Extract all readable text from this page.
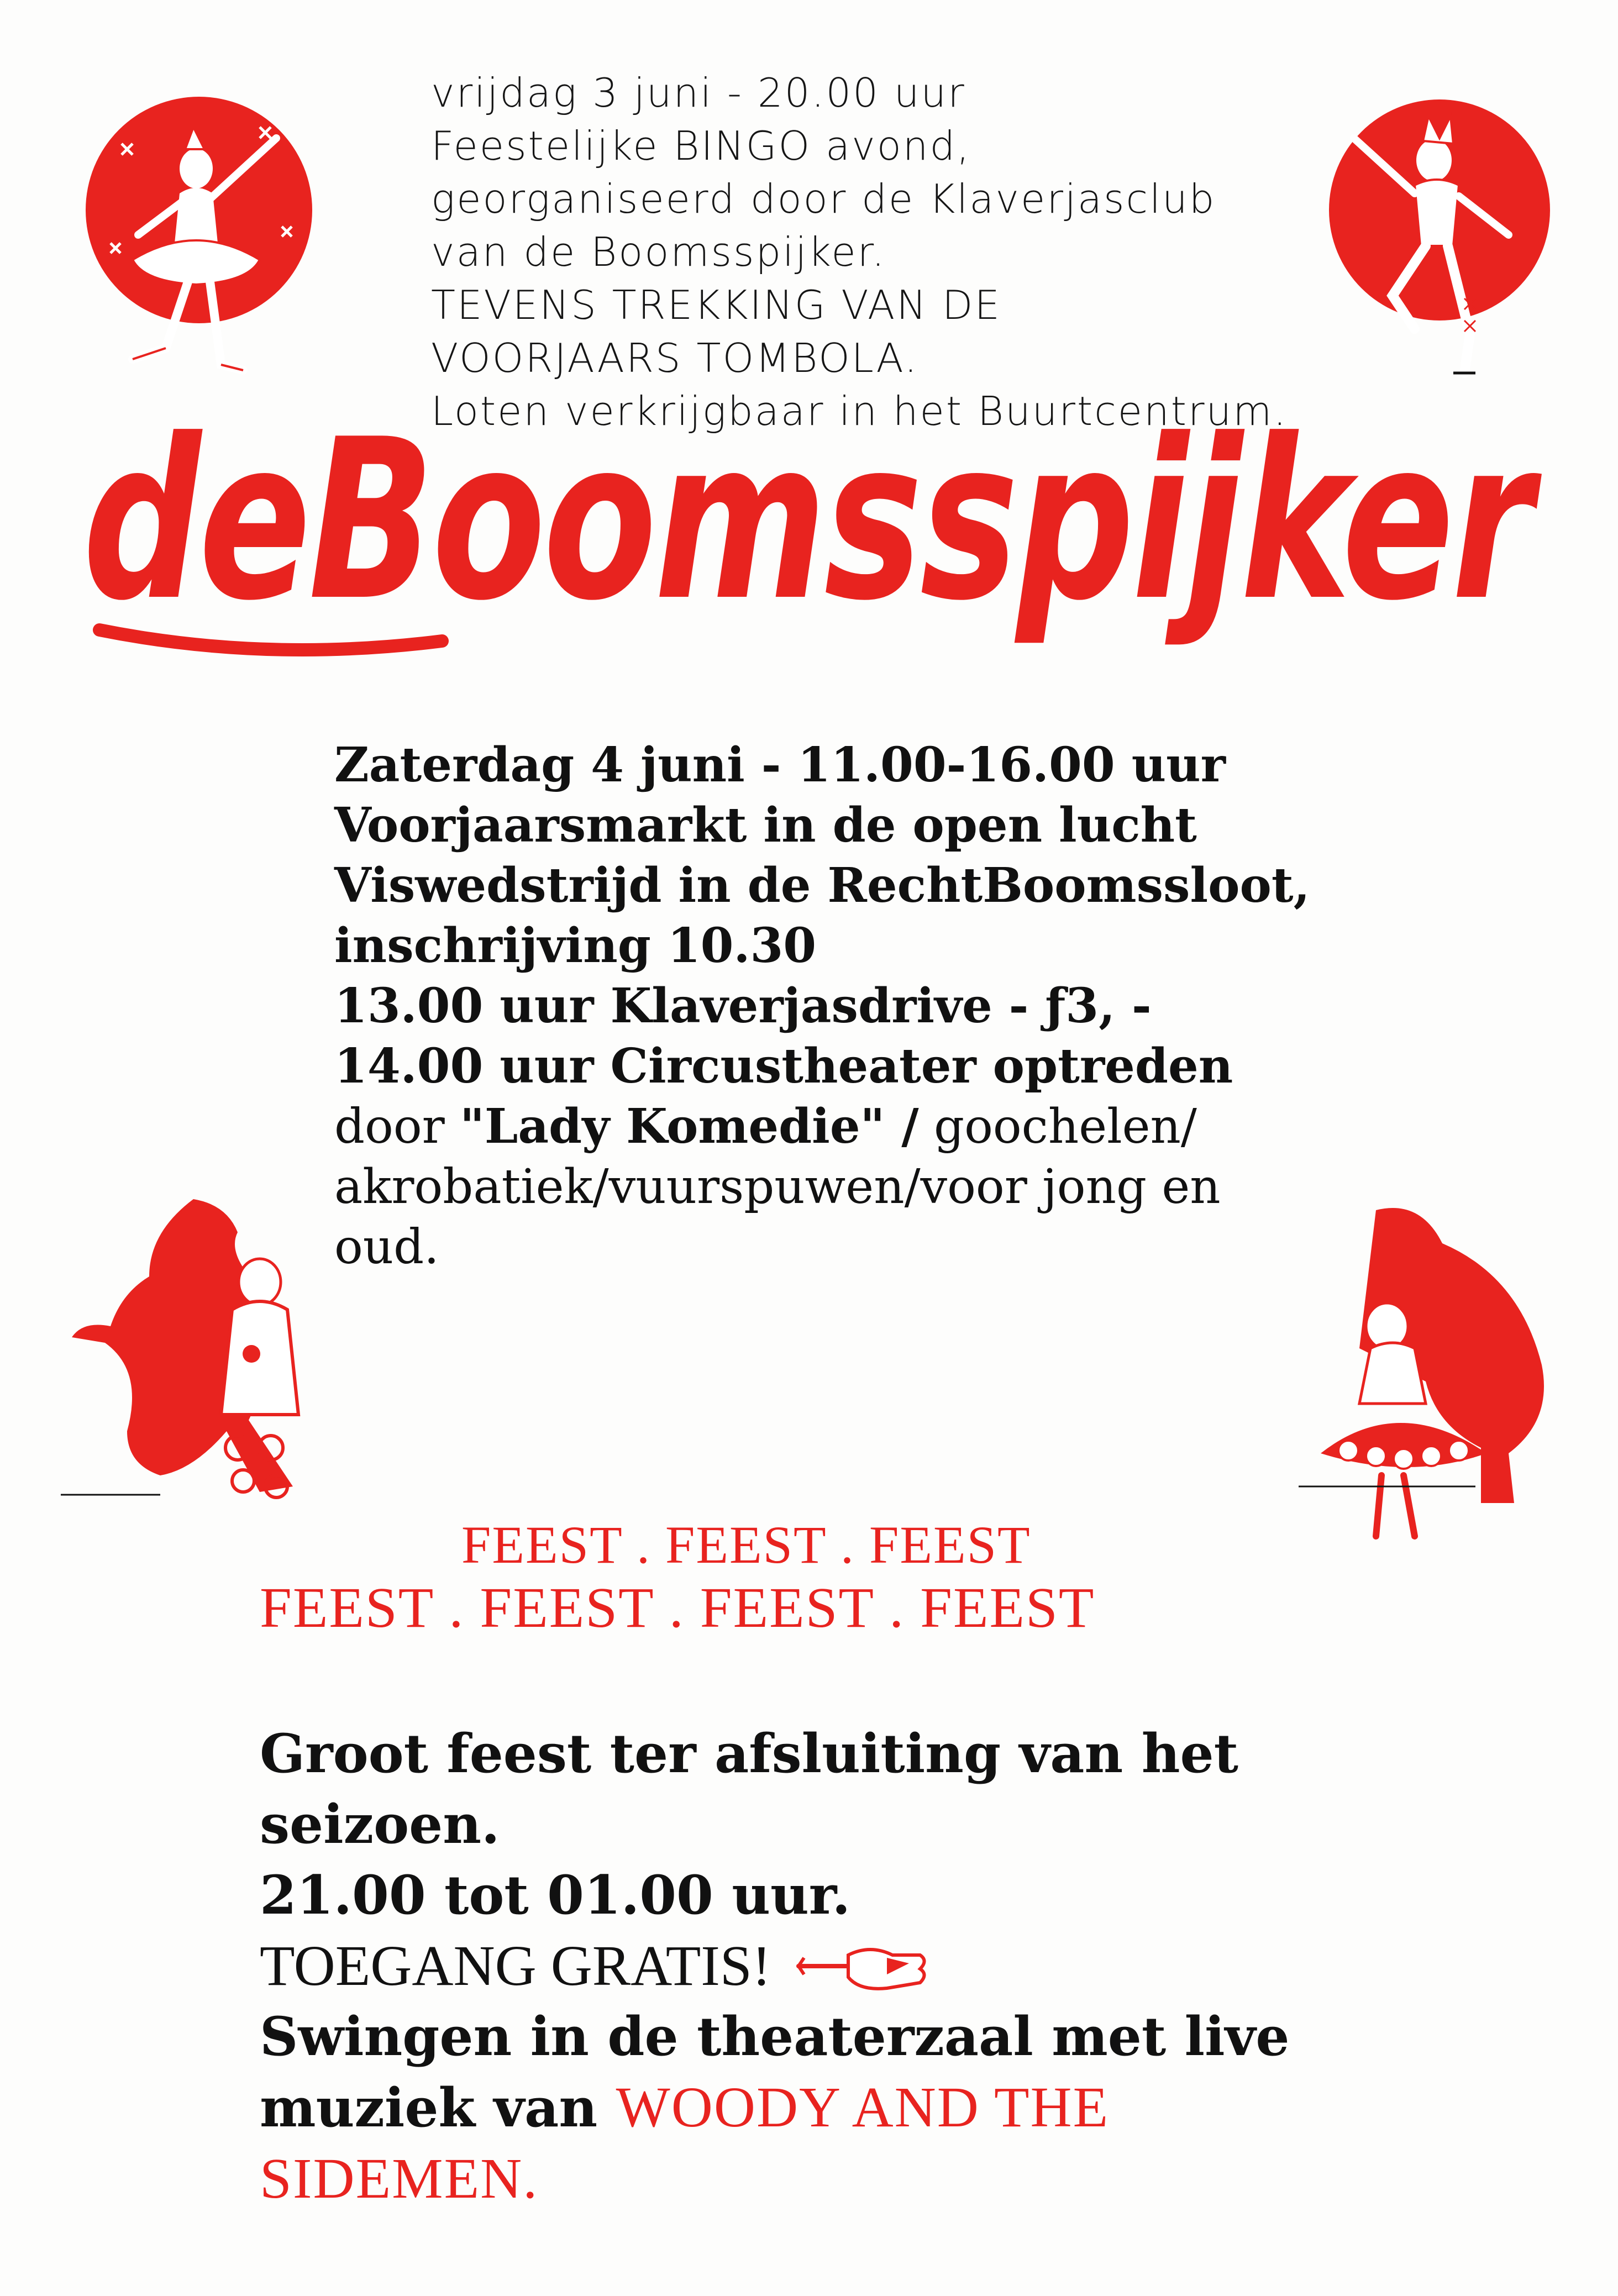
vrijdag 3 juni - 20.00 uur
Feestelijke BINGO avond,
georganiseerd door de Klaverjasclub
van de Boomsspijker.
TEVENS TREKKING VAN DE
VOORJAARS TOMBOLA.
Loten verkrijgbaar in het Buurtcentrum.
deBoomsspijker
Zaterdag 4 juni - 11.00-16.00 uur
Voorjaarsmarkt in de open lucht
Viswedstrijd in de RechtBoomssloot,
inschrijving 10.30
13.00 uur Klaverjasdrive - ƒ3, -
14.00 uur Circustheater optreden
door "Lady Komedie" / goochelen/
akrobatiek/vuurspuwen/voor jong en
oud.
FEEST . FEEST . FEEST
FEEST . FEEST . FEEST . FEEST
Groot feest ter afsluiting van het
seizoen.
21.00 tot 01.00 uur.
TOEGANG GRATIS!
Swingen in de theaterzaal met live
muziek van WOODY AND THE
SIDEMEN.
